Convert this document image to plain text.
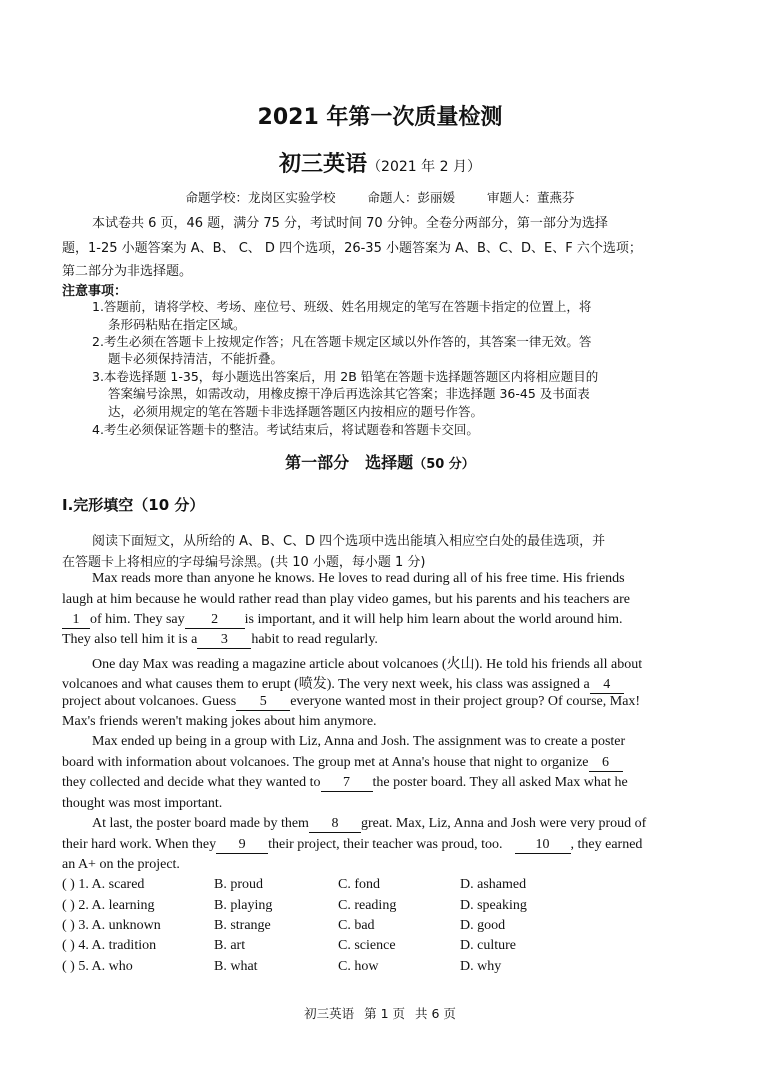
2021 年第一次质量检测
初三英语（2021 年 2 月）
命题学校：龙岗区实验学校	命题人：彭丽媛	审题人：董燕芬
本试卷共 6 页，46 题，满分 75 分，考试时间 70 分钟。全卷分两部分，第一部分为选择
题，1-25 小题答案为 A、B、 C、 D 四个选项，26-35 小题答案为 A、B、C、D、E、F 六个选项；
第二部分为非选择题。
注意事项：
1.答题前，请将学校、考场、座位号、班级、姓名用规定的笔写在答题卡指定的位置上，将
条形码粘贴在指定区域。
2.考生必须在答题卡上按规定作答；凡在答题卡规定区域以外作答的，其答案一律无效。答
题卡必须保持清洁，不能折叠。
3.本卷选择题 1-35，每小题选出答案后，用 2B 铅笔在答题卡选择题答题区内将相应题目的
答案编号涂黑，如需改动，用橡皮擦干净后再选涂其它答案；非选择题 36-45 及书面表
达，必须用规定的笔在答题卡非选择题答题区内按相应的题号作答。
4.考生必须保证答题卡的整洁。考试结束后，将试题卷和答题卡交回。
第一部分　选择题（50 分）
I.完形填空（10 分）
阅读下面短文，从所给的 A、B、C、D 四个选项中选出能填入相应空白处的最佳选项，并
在答题卡上将相应的字母编号涂黑。(共 10 小题，每小题 1 分)
Max reads more than anyone he knows. He loves to read during all of his free time. His friends
laugh at him because he would rather read than play video games, but his parents and his teachers are
1 of him. They say 2 is important, and it will help him learn about the world around him.
They also tell him it is a 3 habit to read regularly.
One day Max was reading a magazine article about volcanoes (火山). He told his friends all about
volcanoes and what causes them to erupt (喷发). The very next week, his class was assigned a 4
project about volcanoes. Guess 5 everyone wanted most in their project group? Of course, Max!
Max's friends weren't making jokes about him anymore.
Max ended up being in a group with Liz, Anna and Josh. The assignment was to create a poster
board with information about volcanoes. The group met at Anna's house that night to organize 6
they collected and decide what they wanted to 7 the poster board. They all asked Max what he
thought was most important.
At last, the poster board made by them 8 great. Max, Liz, Anna and Josh were very proud of
their hard work. When they 9 their project, their teacher was proud, too. 10 , they earned
an A+ on the project.
( ) 1. A. scared	B. proud	C. fond	D. ashamed
( ) 2. A. learning	B. playing	C. reading	D. speaking
( ) 3. A. unknown	B. strange	C. bad	D. good
( ) 4. A. tradition	B. art	C. science	D. culture
( ) 5. A. who	B. what	C. how	D. why
初三英语 第 1 页 共 6 页
